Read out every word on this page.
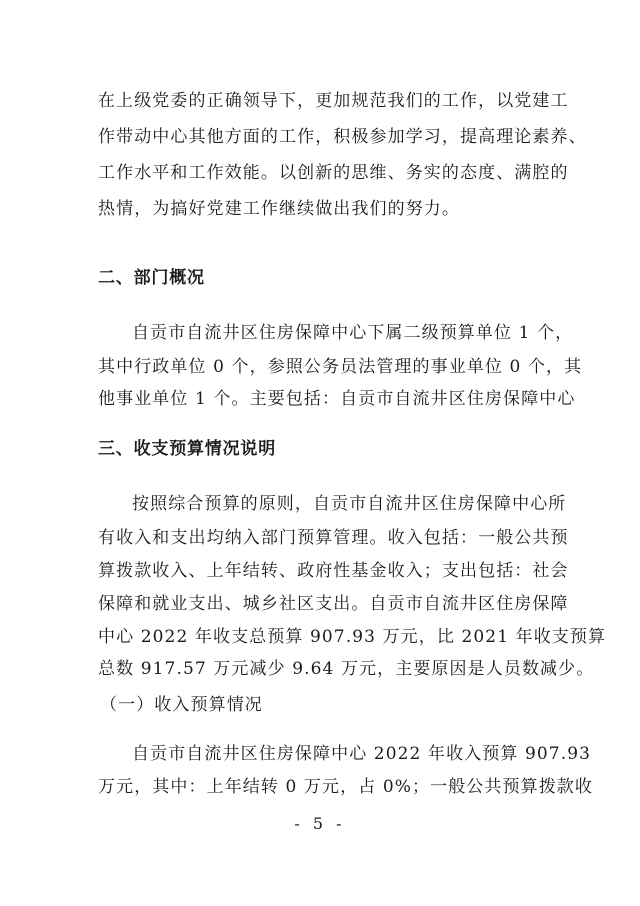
在上级党委的正确领导下，更加规范我们的工作，以党建工
作带动中心其他方面的工作，积极参加学习，提高理论素养、
工作水平和工作效能。以创新的思维、务实的态度、满腔的
热情，为搞好党建工作继续做出我们的努力。
二、部门概况
自贡市自流井区住房保障中心下属二级预算单位 1 个，
其中行政单位 0 个，参照公务员法管理的事业单位 0 个，其
他事业单位 1 个。主要包括：自贡市自流井区住房保障中心
三、收支预算情况说明
按照综合预算的原则，自贡市自流井区住房保障中心所
有收入和支出均纳入部门预算管理。收入包括：一般公共预
算拨款收入、上年结转、政府性基金收入；支出包括：社会
保障和就业支出、城乡社区支出。自贡市自流井区住房保障
中心 2022 年收支总预算 907.93 万元，比 2021 年收支预算
总数 917.57 万元减少 9.64 万元，主要原因是人员数减少。
（一）收入预算情况
自贡市自流井区住房保障中心 2022 年收入预算 907.93
万元，其中：上年结转 0 万元，占 0%；一般公共预算拨款收
- 5 -
